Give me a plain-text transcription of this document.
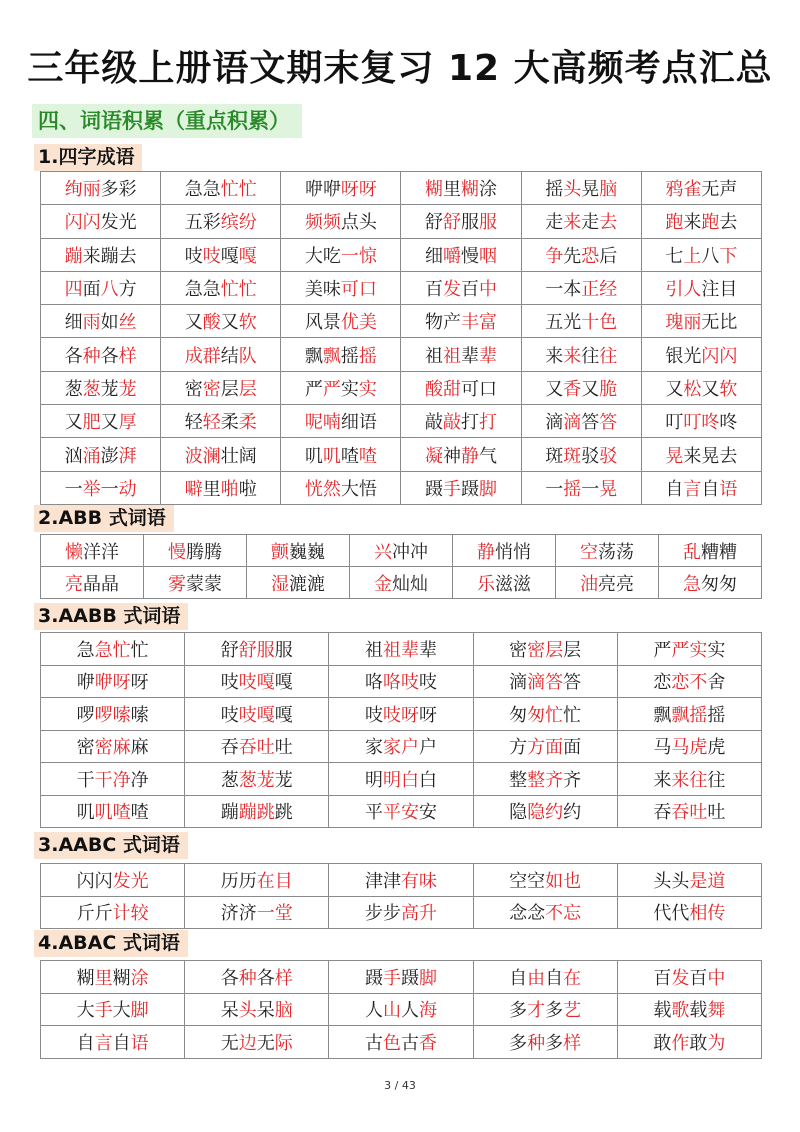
三年级上册语文期末复习 12 大高频考点汇总
四、词语积累（重点积累）
1.四字成语
绚丽多彩	急急忙忙	咿咿呀呀	糊里糊涂	摇头晃脑	鸦雀无声
闪闪发光	五彩缤纷	频频点头	舒舒服服	走来走去	跑来跑去
蹦来蹦去	吱吱嘎嘎	大吃一惊	细嚼慢咽	争先恐后	七上八下
四面八方	急急忙忙	美味可口	百发百中	一本正经	引人注目
细雨如丝	又酸又软	风景优美	物产丰富	五光十色	瑰丽无比
各种各样	成群结队	飘飘摇摇	祖祖辈辈	来来往往	银光闪闪
葱葱茏茏	密密层层	严严实实	酸甜可口	又香又脆	又松又软
又肥又厚	轻轻柔柔	呢喃细语	敲敲打打	滴滴答答	叮叮咚咚
汹涌澎湃	波澜壮阔	叽叽喳喳	凝神静气	斑斑驳驳	晃来晃去
一举一动	噼里啪啦	恍然大悟	蹑手蹑脚	一摇一晃	自言自语
2.ABB 式词语
懒洋洋	慢腾腾	颤巍巍	兴冲冲	静悄悄	空荡荡	乱糟糟
亮晶晶	雾蒙蒙	湿漉漉	金灿灿	乐滋滋	油亮亮	急匆匆
3.AABB 式词语
急急忙忙	舒舒服服	祖祖辈辈	密密层层	严严实实
咿咿呀呀	吱吱嘎嘎	咯咯吱吱	滴滴答答	恋恋不舍
啰啰嗦嗦	吱吱嘎嘎	吱吱呀呀	匆匆忙忙	飘飘摇摇
密密麻麻	吞吞吐吐	家家户户	方方面面	马马虎虎
干干净净	葱葱茏茏	明明白白	整整齐齐	来来往往
叽叽喳喳	蹦蹦跳跳	平平安安	隐隐约约	吞吞吐吐
3.AABC 式词语
闪闪发光	历历在目	津津有味	空空如也	头头是道
斤斤计较	济济一堂	步步高升	念念不忘	代代相传
4.ABAC 式词语
糊里糊涂	各种各样	蹑手蹑脚	自由自在	百发百中
大手大脚	呆头呆脑	人山人海	多才多艺	载歌载舞
自言自语	无边无际	古色古香	多种多样	敢作敢为
3 / 43
